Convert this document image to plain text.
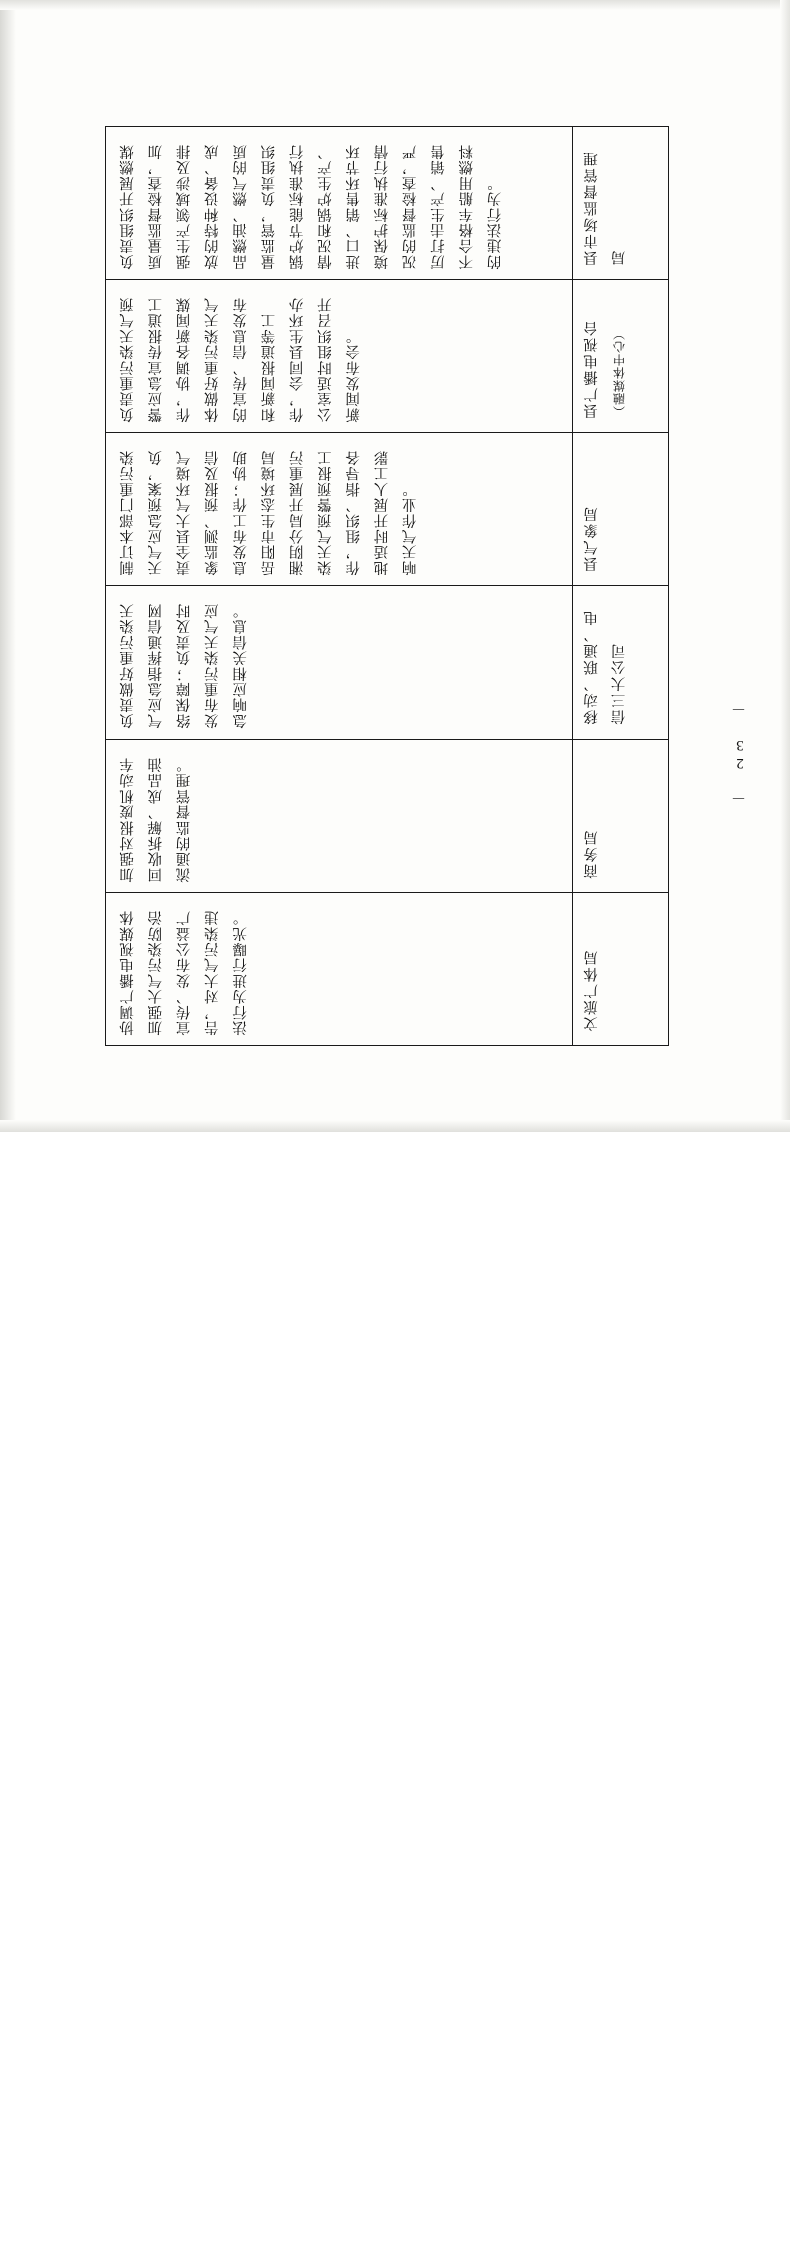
负责组织开展燃煤质量监督检查，加强生产领域涉及排放的特种设备、成品燃油、燃气的质量监管，负责组织锅炉节能标准执行情况和锅炉生产、进口、销售环节环境保护标准执行情况的监督检查，严厉打击生产、销售不合格车船用燃料的违法行为。	县市场监督管理局

负责重污染天气预警应急宣传报道工作，协调各新闻媒体做好重污染天气的宣传、信息发布和新闻报道等工作，会同县生环办公室适时组织召开新闻发布会。	县广播电视台 （融媒体中心）

制订本部门重污染天气应急预案，负责全县大气环境气象监测、预报及信息发布工作；协助岳阳市生态环境局湘阴分局开展重污染天气预警预报工作，组织、指导各地适时开展人工影响天气作业。	县气象局

负责做好重污染天气应急指挥通信网络保障；负责及时发布重污染天气应急响应相关信息。	移动、联通、电信三大公司

加强对报废机动车回收拆解、成品油流通的监督管理。	商务局

协调广播电视媒体加强大气污染防治宣传、发布公益广告，对大气污染违法行为进行曝光。	文旅广体局
－ 23 －
